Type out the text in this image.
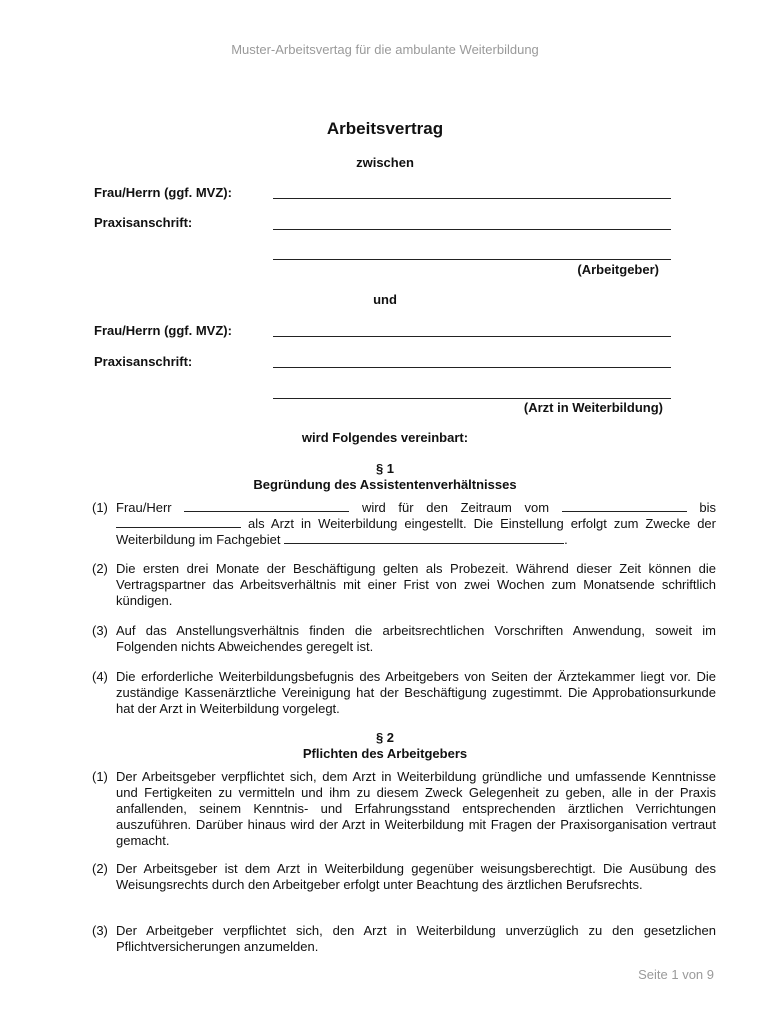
Muster-Arbeitsvertag für die ambulante Weiterbildung
Arbeitsvertrag
zwischen
Frau/Herrn (ggf. MVZ):
Praxisanschrift:
(Arbeitgeber)
und
Frau/Herrn (ggf. MVZ):
Praxisanschrift:
(Arzt in Weiterbildung)
wird Folgendes vereinbart:
§ 1
Begründung des Assistentenverhältnisses
(1) Frau/Herr	wird für den Zeitraum vom	bis  als Arzt in Weiterbildung eingestellt. Die Einstellung erfolgt zum Zwecke der Weiterbildung im Fachgebiet	.
(2) Die ersten drei Monate der Beschäftigung gelten als Probezeit. Während dieser Zeit können die Vertragspartner das Arbeitsverhältnis mit einer Frist von zwei Wochen zum Monatsende schriftlich kündigen.
(3) Auf das Anstellungsverhältnis finden die arbeitsrechtlichen Vorschriften Anwendung, soweit im Folgenden nichts Abweichendes geregelt ist.
(4) Die erforderliche Weiterbildungsbefugnis des Arbeitgebers von Seiten der Ärztekammer liegt vor. Die zuständige Kassenärztliche Vereinigung hat der Beschäftigung zugestimmt. Die Approbationsurkunde hat der Arzt in Weiterbildung vorgelegt.
§ 2
Pflichten des Arbeitgebers
(1) Der Arbeitsgeber verpflichtet sich, dem Arzt in Weiterbildung gründliche und umfassende Kenntnisse und Fertigkeiten zu vermitteln und ihm zu diesem Zweck Gelegenheit zu geben, alle in der Praxis anfallenden, seinem Kenntnis- und Erfahrungsstand entsprechenden ärztlichen Verrichtungen auszuführen. Darüber hinaus wird der Arzt in Weiterbildung mit Fragen der Praxisorganisation vertraut gemacht.
(2) Der Arbeitsgeber ist dem Arzt in Weiterbildung gegenüber weisungsberechtigt. Die Ausübung des Weisungsrechts durch den Arbeitgeber erfolgt unter Beachtung des ärztlichen Berufsrechts.
(3) Der Arbeitgeber verpflichtet sich, den Arzt in Weiterbildung unverzüglich zu den gesetzlichen Pflichtversicherungen anzumelden.
Seite 1 von 9
